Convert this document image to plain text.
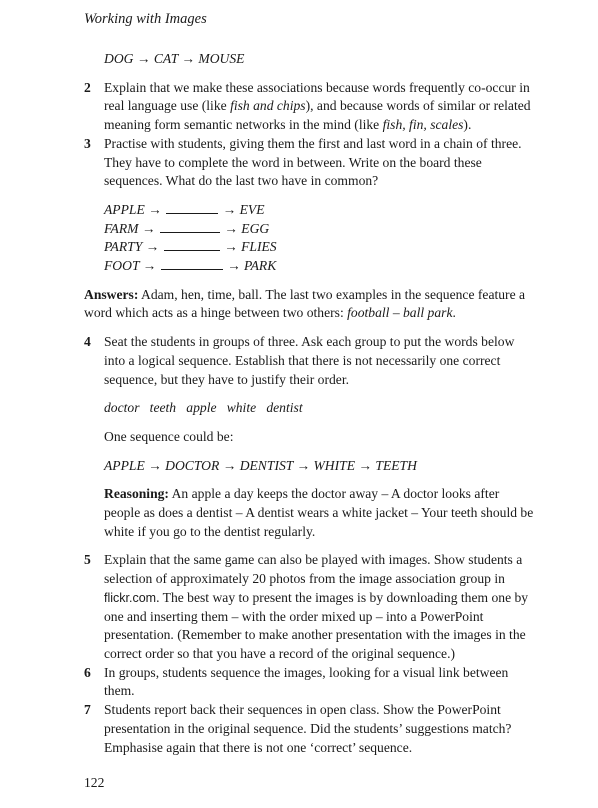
Working with Images

DOG → CAT → MOUSE

2 Explain that we make these associations because words frequently co-occur in real language use (like fish and chips), and because words of similar or related meaning form semantic networks in the mind (like fish, fin, scales).
3 Practise with students, giving them the first and last word in a chain of three. They have to complete the word in between. Write on the board these sequences. What do the last two have in common?
APPLE →	→ EVE
FARM →	→ EGG
PARTY →	→ FLIES
FOOT →	→ PARK

Answers: Adam, hen, time, ball. The last two examples in the sequence feature a word which acts as a hinge between two others: football – ball park.

4 Seat the students in groups of three. Ask each group to put the words below into a logical sequence. Establish that there is not necessarily one correct sequence, but they have to justify their order.

doctor   teeth   apple   white   dentist

One sequence could be:

APPLE → DOCTOR → DENTIST → WHITE → TEETH

Reasoning: An apple a day keeps the doctor away – A doctor looks after people as does a dentist – A dentist wears a white jacket – Your teeth should be white if you go to the dentist regularly.

5 Explain that the same game can also be played with images. Show students a selection of approximately 20 photos from the image association group in flickr.com. The best way to present the images is by downloading them one by one and inserting them – with the order mixed up – into a PowerPoint presentation. (Remember to make another presentation with the images in the correct order so that you have a record of the original sequence.)
6 In groups, students sequence the images, looking for a visual link between them.
7 Students report back their sequences in open class. Show the PowerPoint presentation in the original sequence. Did the students’ suggestions match? Emphasise again that there is not one ‘correct’ sequence.
122
